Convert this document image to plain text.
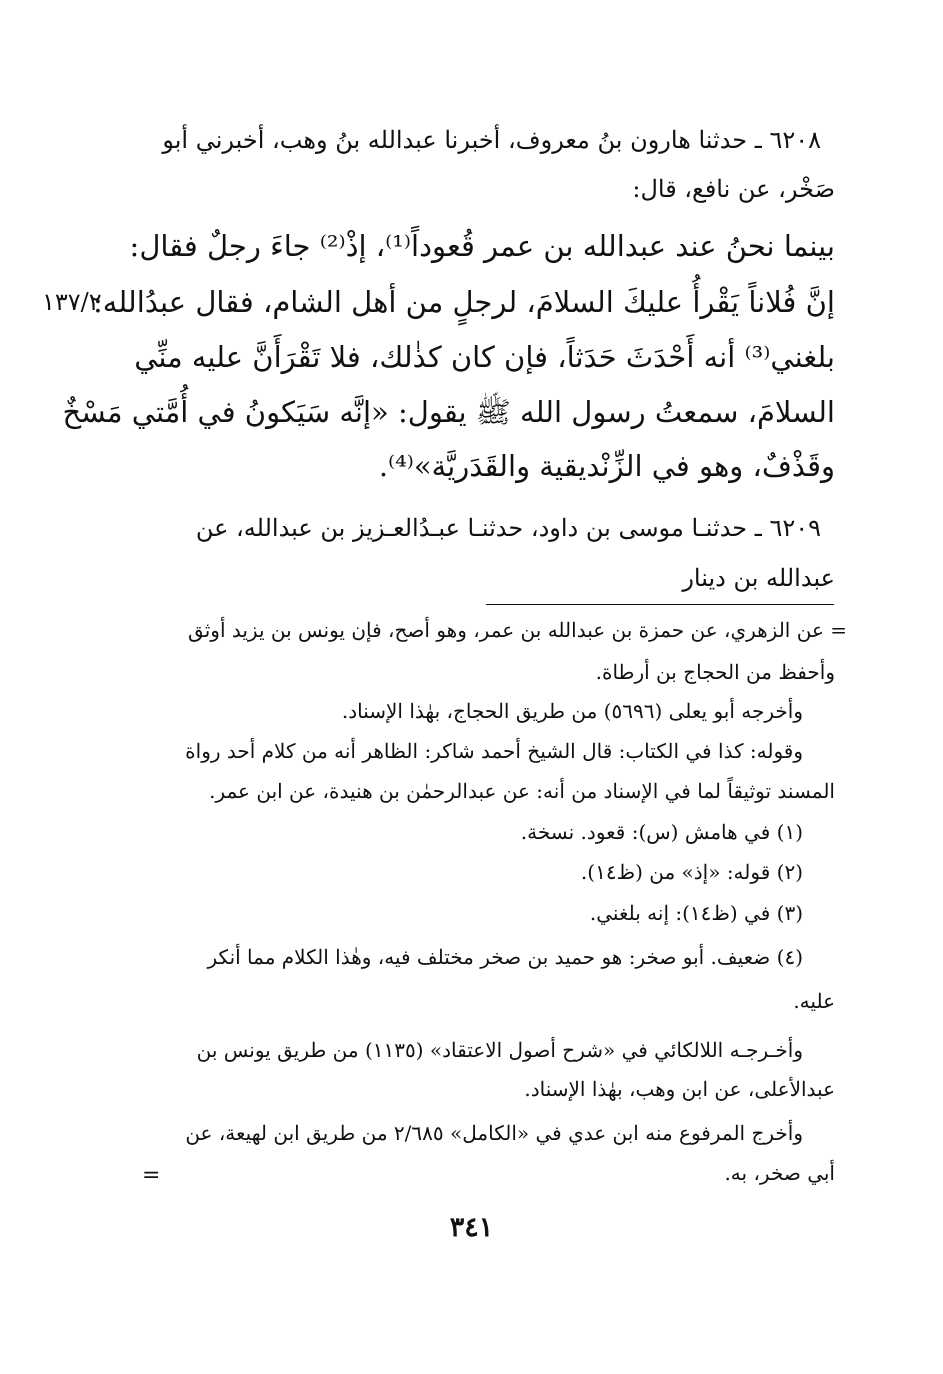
١٣٧/٢
٦٢٠٨ ـ حدثنا هارون بنُ معروف، أخبرنا عبدالله بنُ وهب، أخبرني أبو
صَخْر، عن نافع، قال:
بينما نحنُ عند عبدالله بن عمر قُعوداً⁽¹⁾، إذْ⁽²⁾ جاءَ رجلٌ فقال:
إنَّ فُلاناً يَقْرأُ عليكَ السلامَ، لرجلٍ من أهل الشام، فقال عبدُالله:
بلغني⁽³⁾ أنه أَحْدَثَ حَدَثاً، فإن كان كذٰلك، فلا تَقْرَأَنَّ عليه منِّي
السلامَ، سمعتُ رسول الله ﷺ يقول: «إنَّه سَيَكونُ في أُمَّتي مَسْخٌ
وقَذْفٌ، وهو في الزِّنْديقية والقَدَريَّة»⁽⁴⁾.
٦٢٠٩ ـ حدثنـا موسى بن داود، حدثنـا عبـدُالعـزيز بن عبدالله، عن
عبدالله بن دينار
= عن الزهري، عن حمزة بن عبدالله بن عمر، وهو أصح، فإن يونس بن يزيد أوثق
وأحفظ من الحجاج بن أرطاة.
وأخرجه أبو يعلى (٥٦٩٦) من طريق الحجاج، بهٰذا الإسناد.
وقوله: كذا في الكتاب: قال الشيخ أحمد شاكر: الظاهر أنه من كلام أحد رواة
المسند توثيقاً لما في الإسناد من أنه: عن عبدالرحمٰن بن هنيدة، عن ابن عمر.
(١) في هامش (س): قعود. نسخة.
(٢) قوله: «إذ» من (ظ١٤).
(٣) في (ظ١٤): إنه بلغني.
(٤) ضعيف. أبو صخر: هو حميد بن صخر مختلف فيه، وهٰذا الكلام مما أنكر
عليه.
وأخـرجـه اللالكائي في «شرح أصول الاعتقاد» (١١٣٥) من طريق يونس بن
عبدالأعلى، عن ابن وهب، بهٰذا الإسناد.
وأخرج المرفوع منه ابن عدي في «الكامل» ٢/٦٨٥ من طريق ابن لهيعة، عن
أبي صخر، به.
=
٣٤١
